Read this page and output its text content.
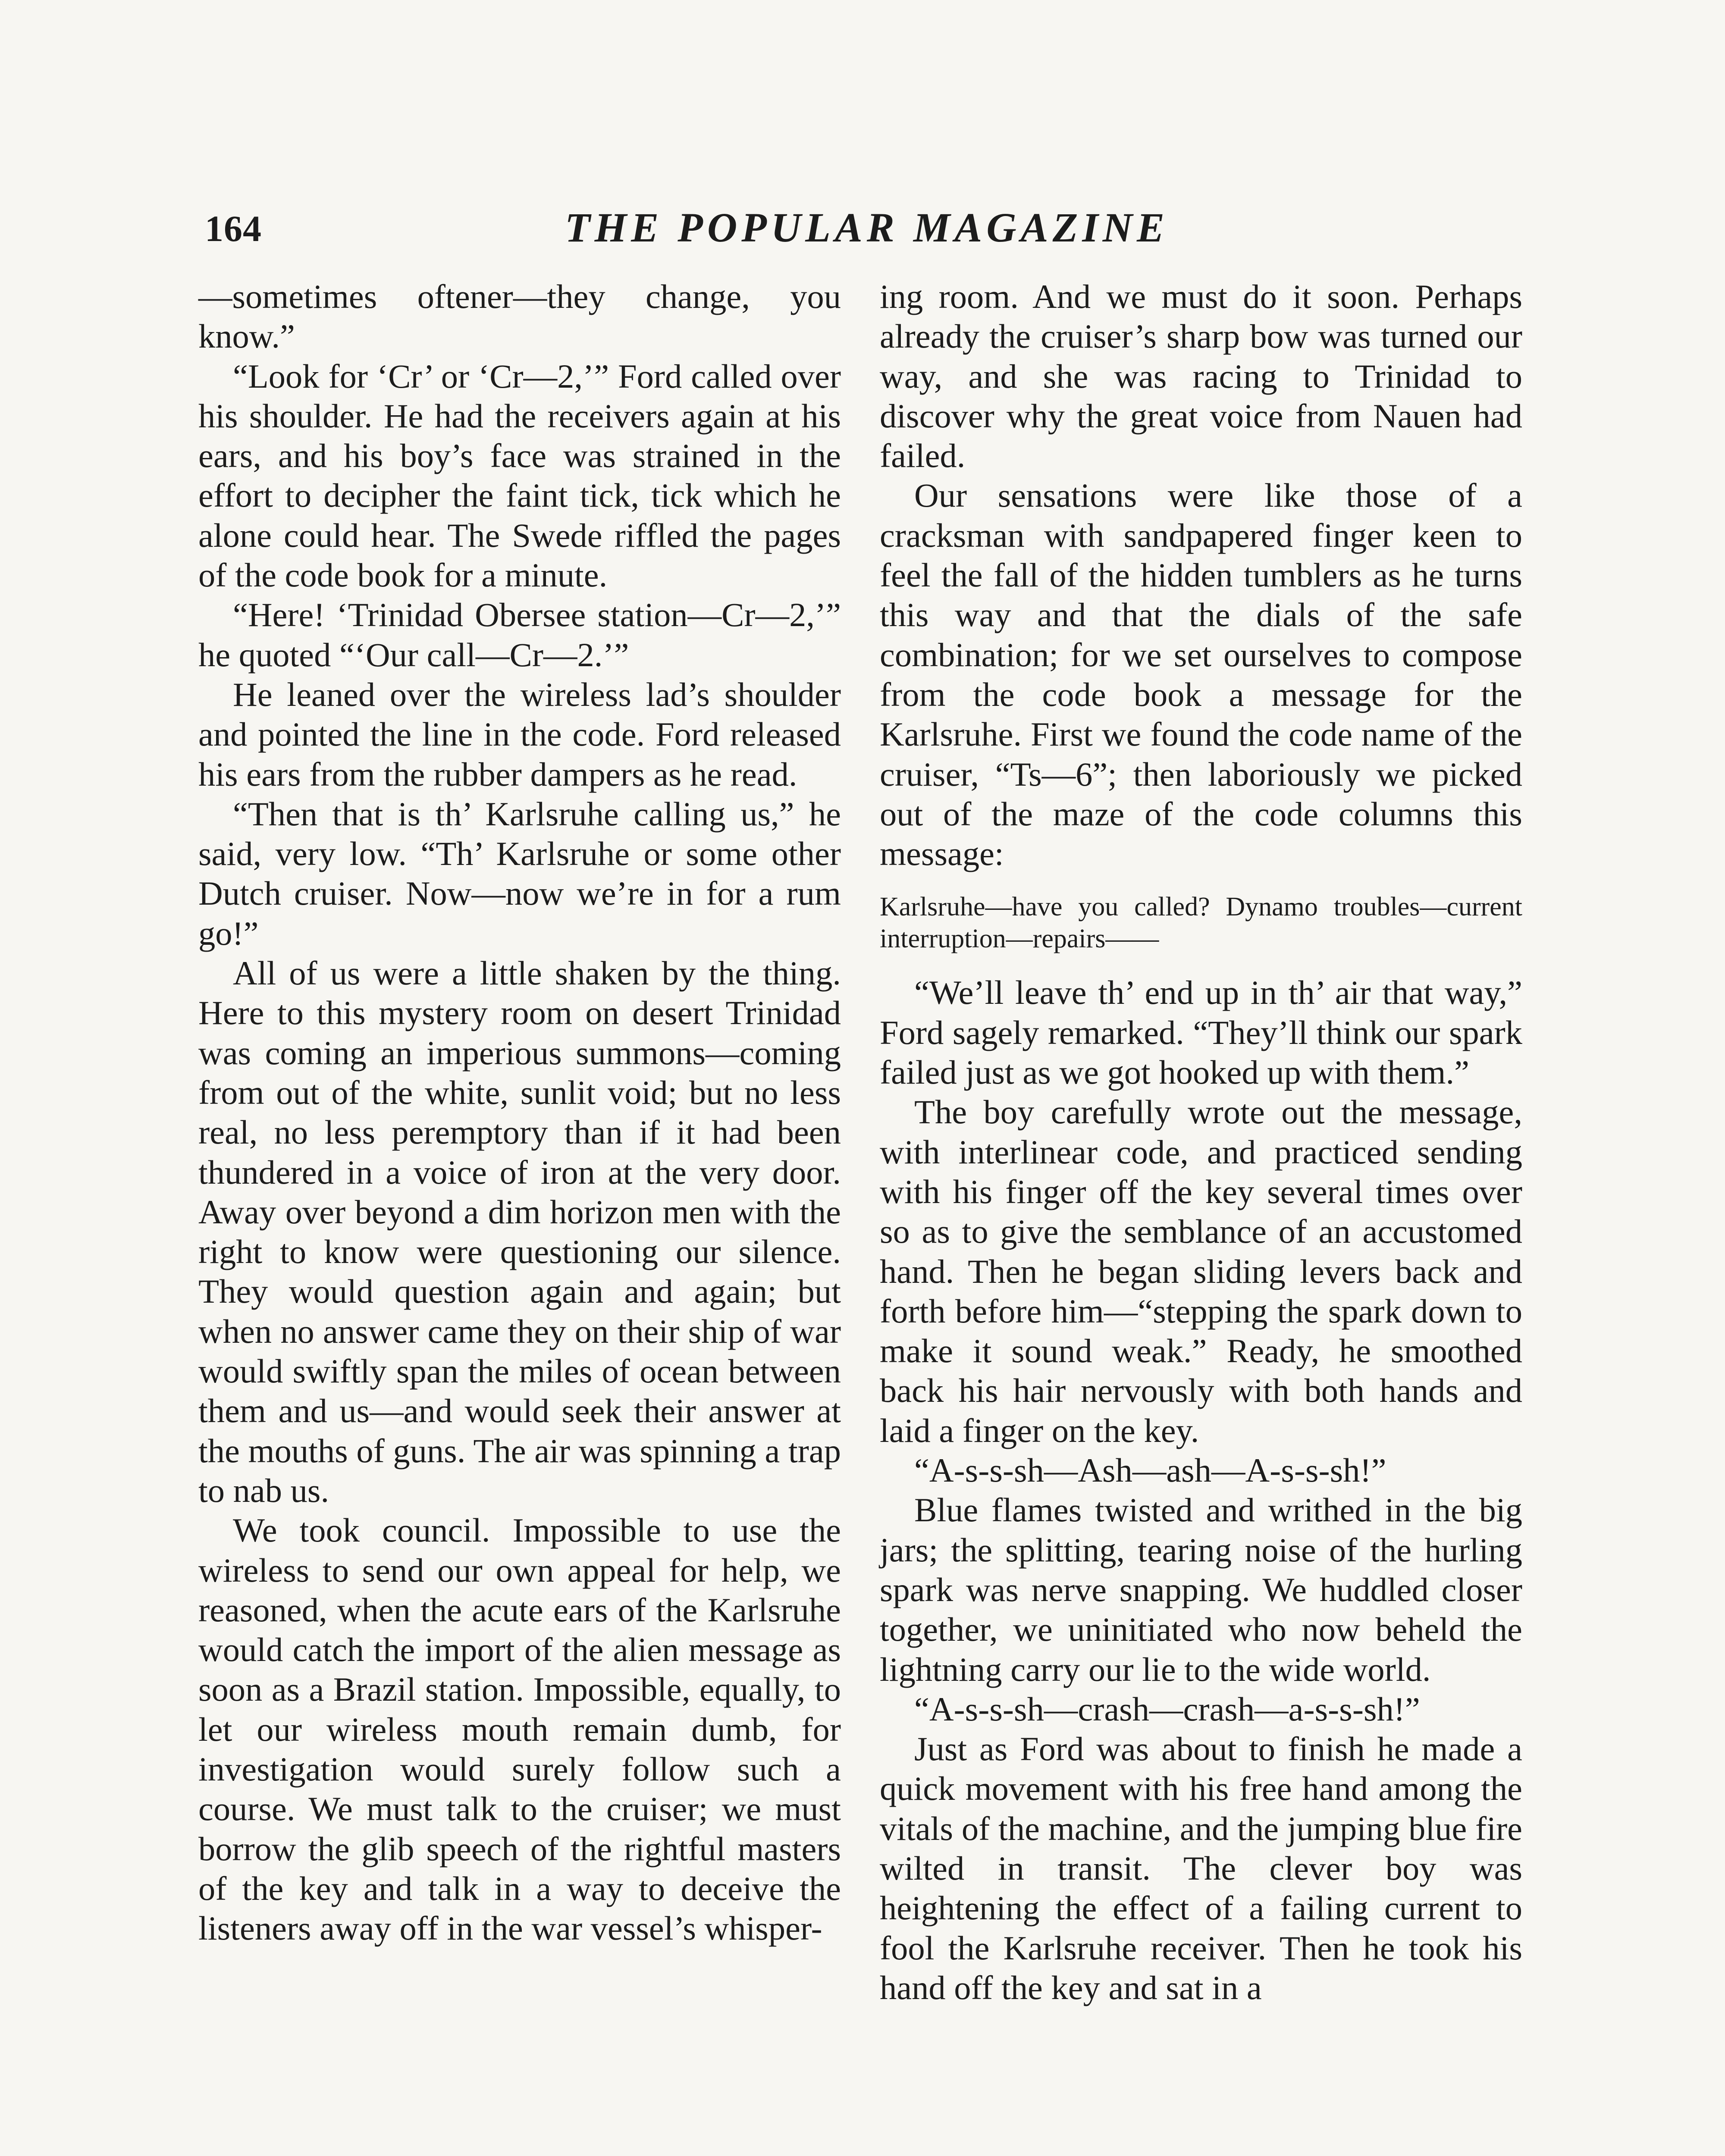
164	THE POPULAR MAGAZINE

—sometimes oftener—they change, you know.”

“Look for ‘Cr’ or ‘Cr—2,’” Ford called over his shoulder. He had the receivers again at his ears, and his boy’s face was strained in the effort to decipher the faint tick, tick which he alone could hear. The Swede riffled the pages of the code book for a minute.

“Here! ‘Trinidad Obersee station—Cr—2,’” he quoted “‘Our call—Cr—2.’”

He leaned over the wireless lad’s shoulder and pointed the line in the code. Ford released his ears from the rubber dampers as he read.

“Then that is th’ Karlsruhe calling us,” he said, very low. “Th’ Karlsruhe or some other Dutch cruiser. Now—now we’re in for a rum go!”

All of us were a little shaken by the thing. Here to this mystery room on desert Trinidad was coming an imperious summons—coming from out of the white, sunlit void; but no less real, no less peremptory than if it had been thundered in a voice of iron at the very door. Away over beyond a dim horizon men with the right to know were questioning our silence. They would question again and again; but when no answer came they on their ship of war would swiftly span the miles of ocean between them and us—and would seek their answer at the mouths of guns. The air was spinning a trap to nab us.

We took council. Impossible to use the wireless to send our own appeal for help, we reasoned, when the acute ears of the Karlsruhe would catch the import of the alien message as soon as a Brazil station. Impossible, equally, to let our wireless mouth remain dumb, for investigation would surely follow such a course. We must talk to the cruiser; we must borrow the glib speech of the rightful masters of the key and talk in a way to deceive the listeners away off in the war vessel’s whisper-

ing room. And we must do it soon. Perhaps already the cruiser’s sharp bow was turned our way, and she was racing to Trinidad to discover why the great voice from Nauen had failed.

Our sensations were like those of a cracksman with sandpapered finger keen to feel the fall of the hidden tumblers as he turns this way and that the dials of the safe combination; for we set ourselves to compose from the code book a message for the Karlsruhe. First we found the code name of the cruiser, “Ts—6”; then laboriously we picked out of the maze of the code columns this message:

Karlsruhe—have you called? Dynamo troubles—current interruption—repairs——

“We’ll leave th’ end up in th’ air that way,” Ford sagely remarked. “They’ll think our spark failed just as we got hooked up with them.”

The boy carefully wrote out the message, with interlinear code, and practiced sending with his finger off the key several times over so as to give the semblance of an accustomed hand. Then he began sliding levers back and forth before him—“stepping the spark down to make it sound weak.” Ready, he smoothed back his hair nervously with both hands and laid a finger on the key.

“A-s-s-sh—Ash—ash—A-s-s-sh!”

Blue flames twisted and writhed in the big jars; the splitting, tearing noise of the hurling spark was nerve snapping. We huddled closer together, we uninitiated who now beheld the lightning carry our lie to the wide world.

“A-s-s-sh—crash—crash—a-s-s-sh!”

Just as Ford was about to finish he made a quick movement with his free hand among the vitals of the machine, and the jumping blue fire wilted in transit. The clever boy was heightening the effect of a failing current to fool the Karlsruhe receiver. Then he took his hand off the key and sat in a
